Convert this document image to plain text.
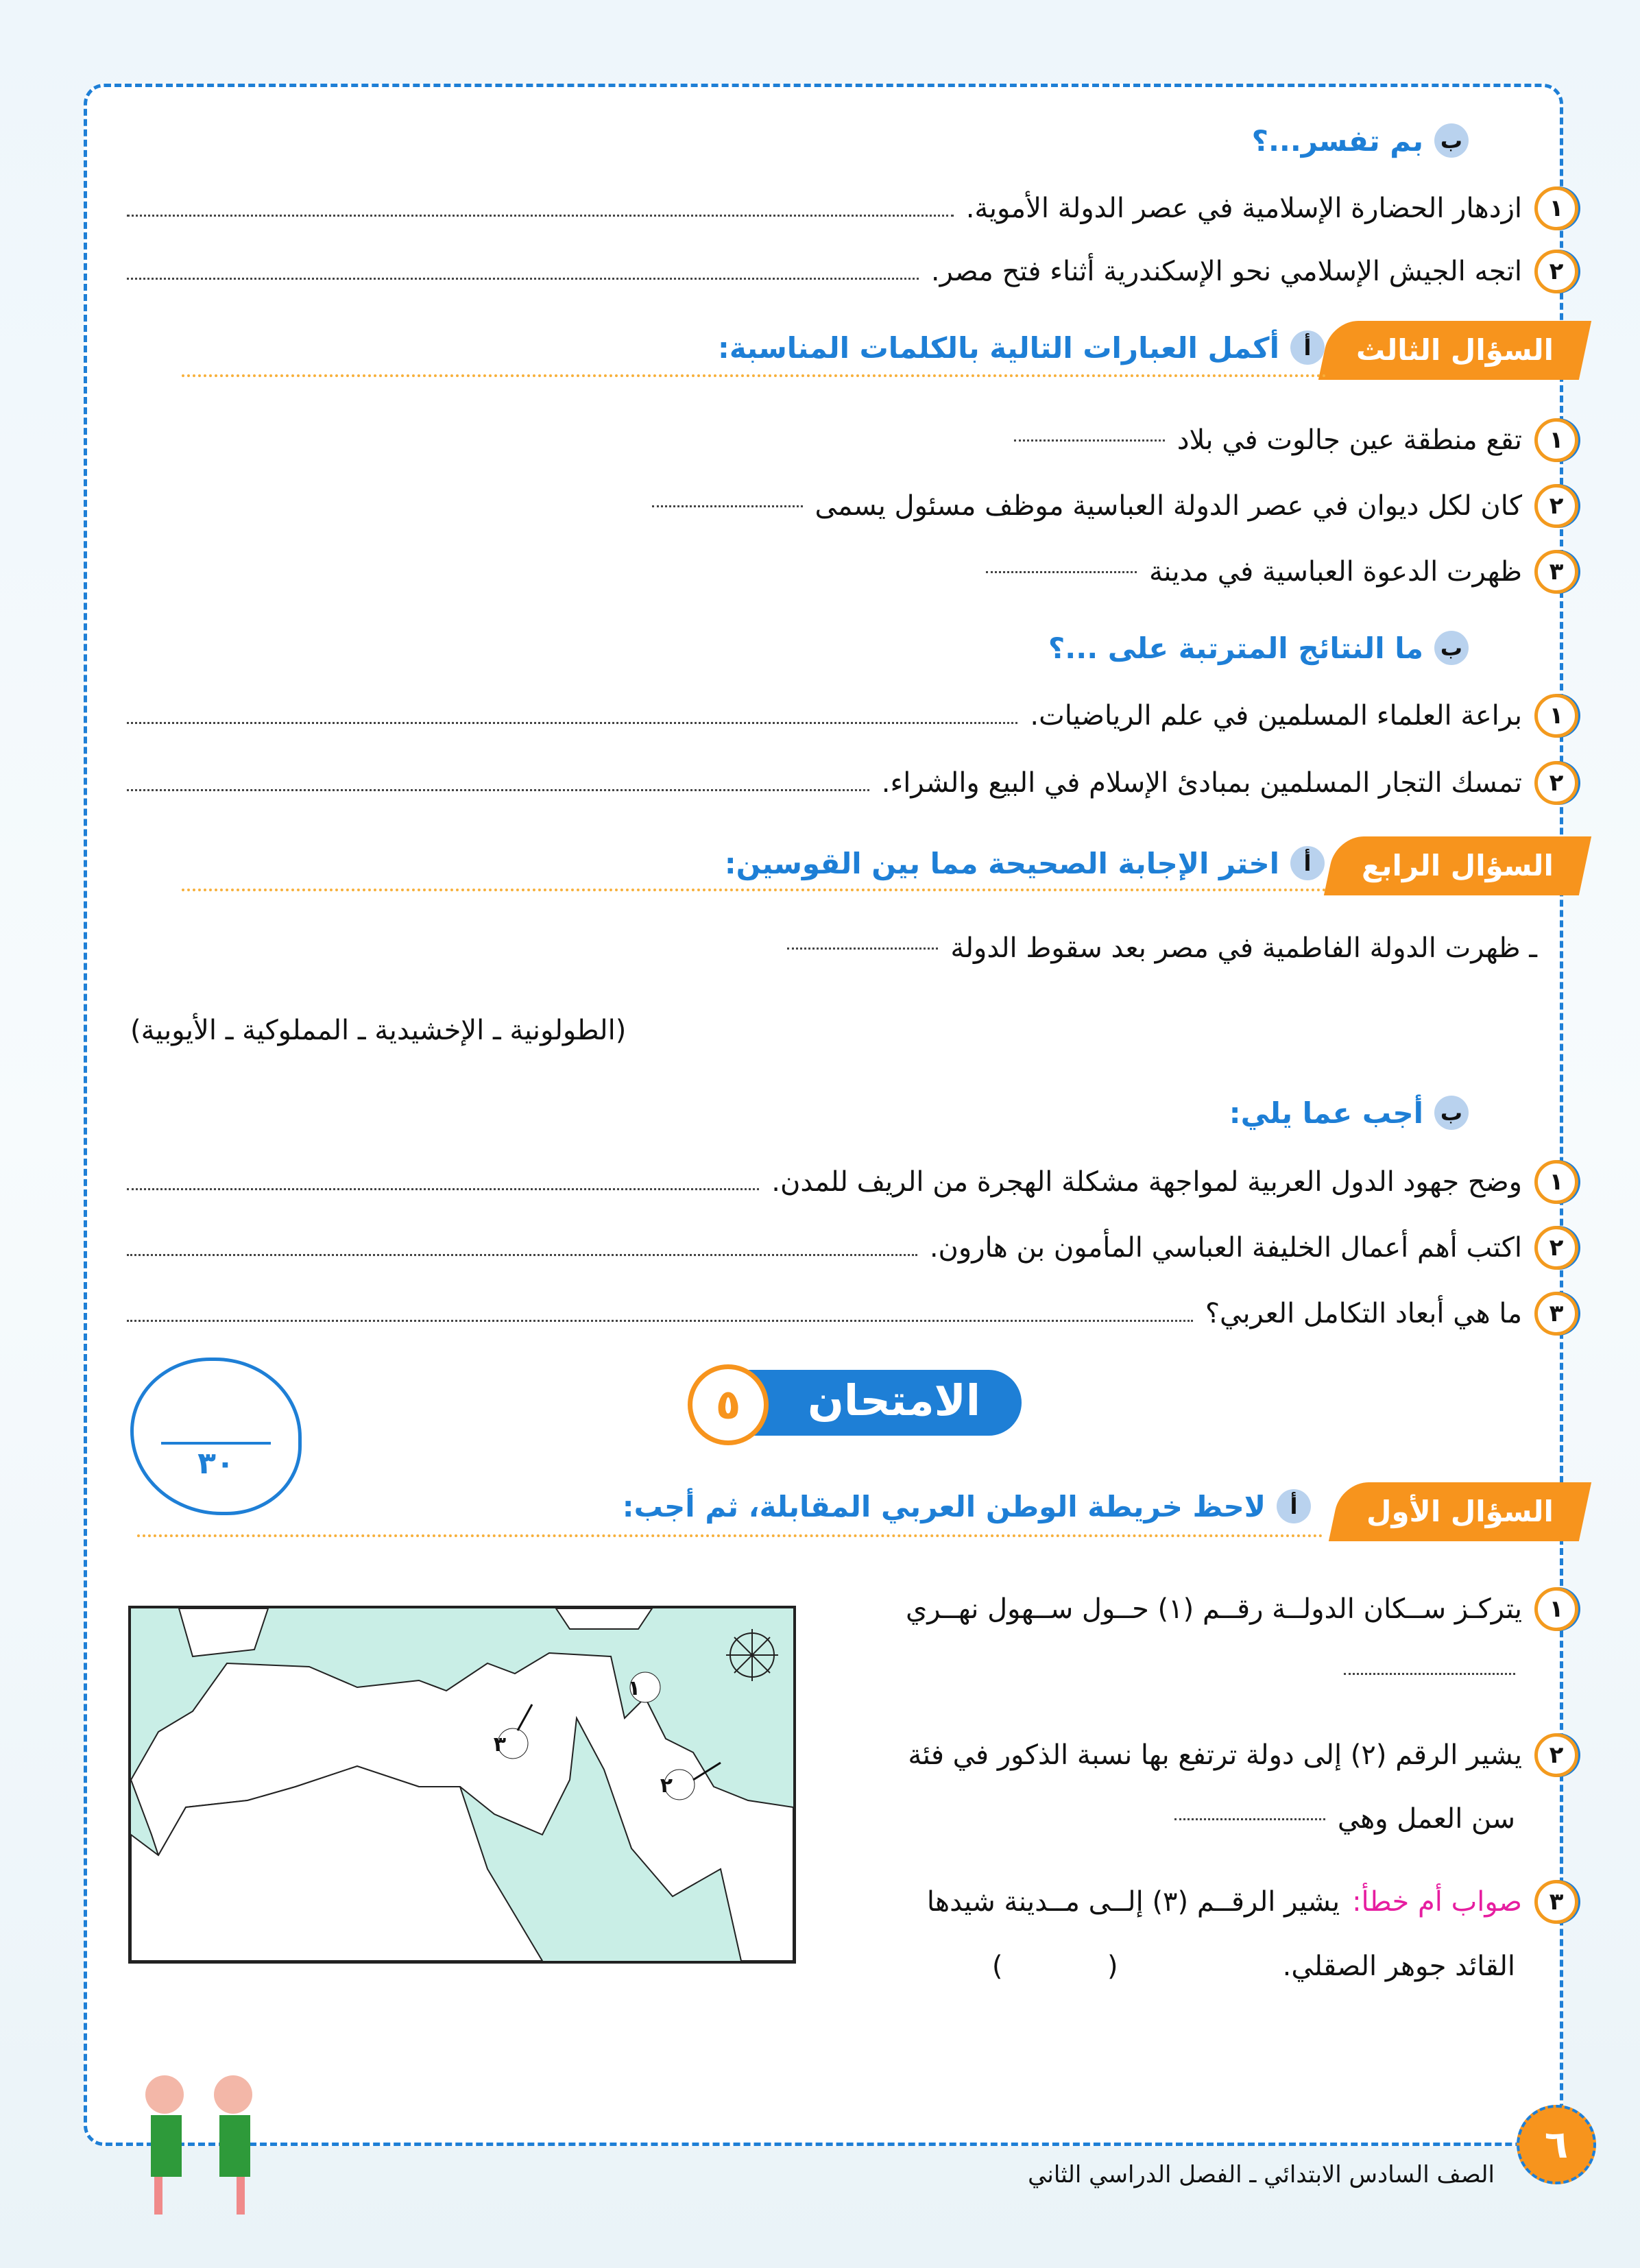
ب
بم تفسر...؟
١
ازدهار الحضارة الإسلامية في عصر الدولة الأموية.
٢
اتجه الجيش الإسلامي نحو الإسكندرية أثناء فتح مصر.
السؤال الثالث
أ
أكمل العبارات التالية بالكلمات المناسبة:
١
تقع منطقة عين جالوت في بلاد
٢
كان لكل ديوان في عصر الدولة العباسية موظف مسئول يسمى
٣
ظهرت الدعوة العباسية في مدينة
ب
ما النتائج المترتبة على ...؟
١
براعة العلماء المسلمين في علم الرياضيات.
٢
تمسك التجار المسلمين بمبادئ الإسلام في البيع والشراء.
السؤال الرابع
أ
اختر الإجابة الصحيحة مما بين القوسين:
ـ ظهرت الدولة الفاطمية في مصر بعد سقوط الدولة
(الطولونية ـ الإخشيدية ـ المملوكية ـ الأيوبية)
ب
أجب عما يلي:
١
وضح جهود الدول العربية لمواجهة مشكلة الهجرة من الريف للمدن.
٢
اكتب أهم أعمال الخليفة العباسي المأمون بن هارون.
٣
ما هي أبعاد التكامل العربي؟
الامتحان
٥
٣٠
السؤال الأول
أ
لاحظ خريطة الوطن العربي المقابلة، ثم أجب:
١
٢
٣
١
يتركـز ســكان الدولــة رقــم (١) حــول ســهول نهــري
٢
يشير الرقم (٢) إلى دولة ترتفع بها نسبة الذكور في فئة
سن العمل وهي
٣
صواب أم خطأ:
يشير الرقــم (٣) إلــى مــدينة شيدها
القائد جوهر الصقلي.
(            )
الصف السادس الابتدائي ـ الفصل الدراسي الثاني
٦
